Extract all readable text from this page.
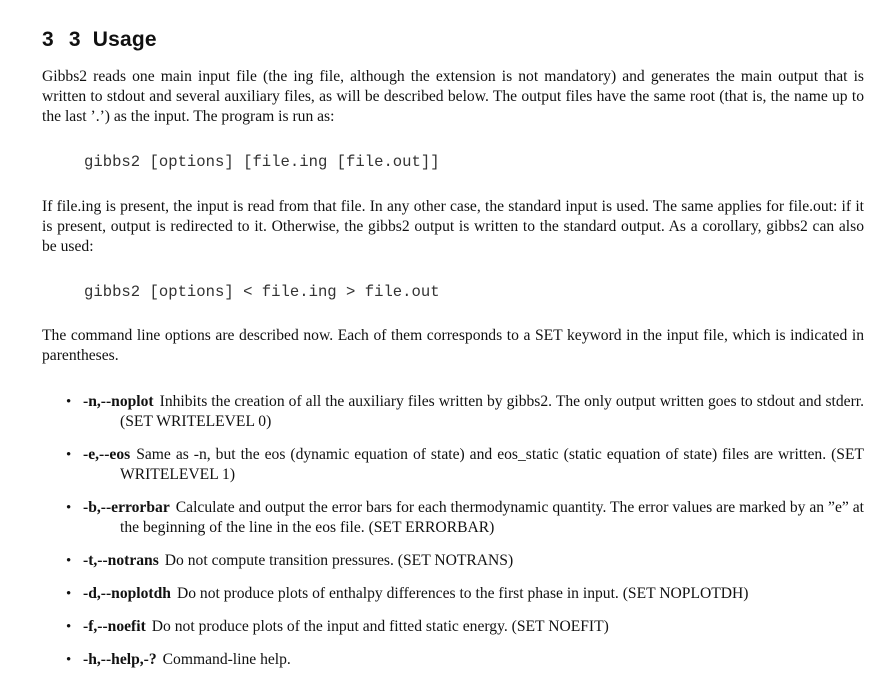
3 3 Usage

Gibbs2 reads one main input file (the ing file, although the extension is not mandatory) and generates the main output that is written to stdout and several auxiliary files, as will be described below. The output files have the same root (that is, the name up to the last ’.’) as the input. The program is run as:

gibbs2 [options] [file.ing [file.out]]

If file.ing is present, the input is read from that file. In any other case, the standard input is used. The same applies for file.out: if it is present, output is redirected to it. Otherwise, the gibbs2 output is written to the standard output. As a corollary, gibbs2 can also be used:

gibbs2 [options] < file.ing > file.out

The command line options are described now. Each of them corresponds to a SET keyword in the input file, which is indicated in parentheses.

• -n,--noplot Inhibits the creation of all the auxiliary files written by gibbs2. The only output written goes to stdout and stderr. (SET WRITELEVEL 0)
• -e,--eos Same as -n, but the eos (dynamic equation of state) and eos_static (static equation of state) files are written. (SET WRITELEVEL 1)
• -b,--errorbar Calculate and output the error bars for each thermodynamic quantity. The error values are marked by an ”e” at the beginning of the line in the eos file. (SET ERRORBAR)
• -t,--notrans Do not compute transition pressures. (SET NOTRANS)
• -d,--noplotdh Do not produce plots of enthalpy differences to the first phase in input. (SET NOPLOTDH)
• -f,--noefit Do not produce plots of the input and fitted static energy. (SET NOEFIT)
• -h,--help,-? Command-line help.
